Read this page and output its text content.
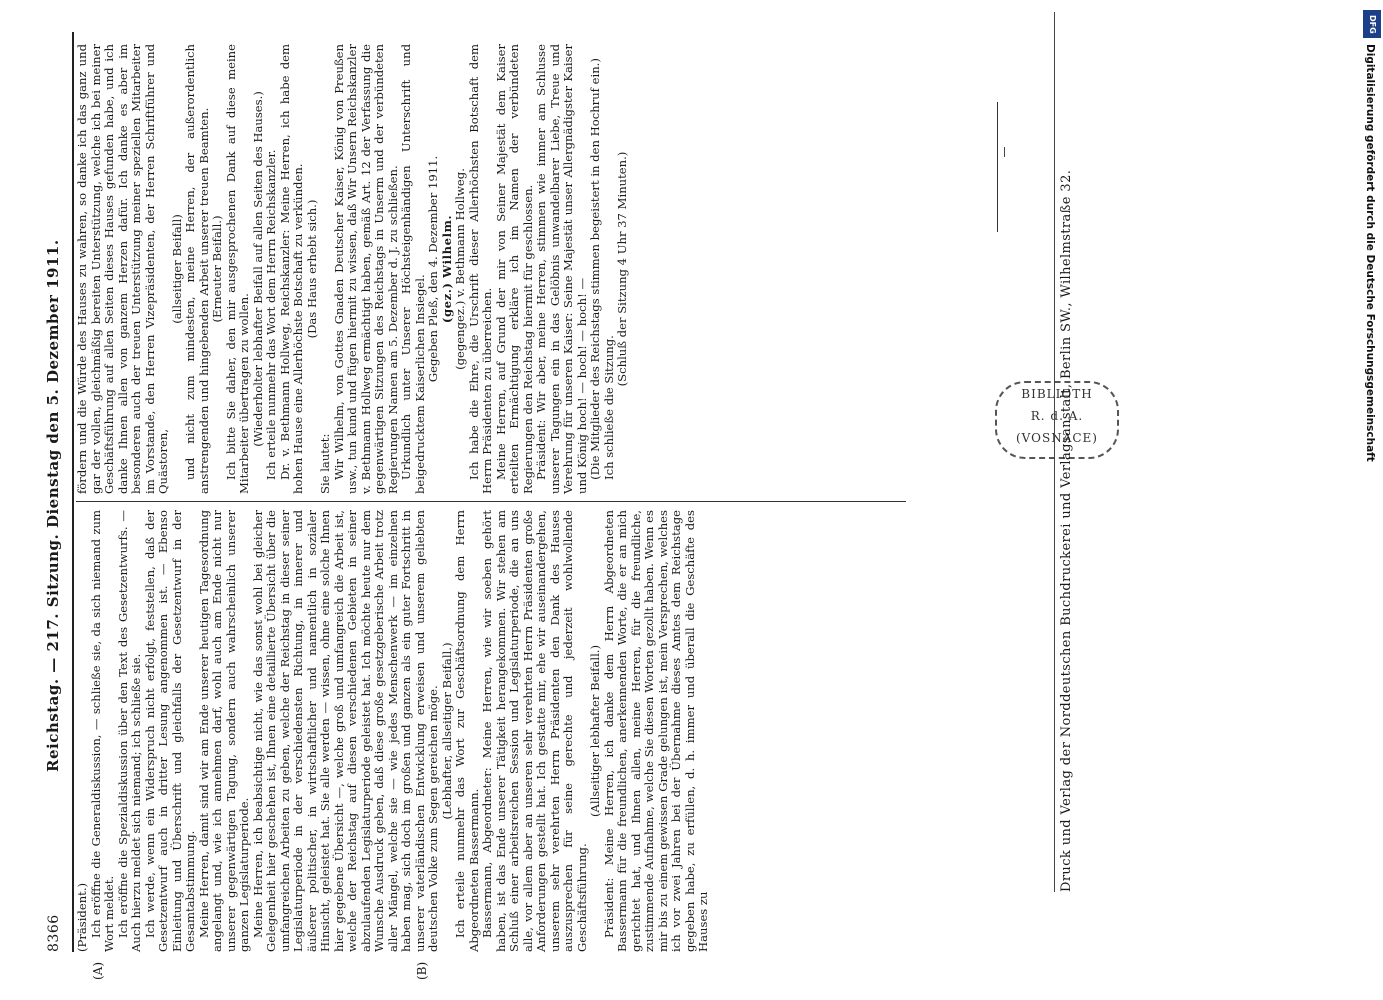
8366
Reichstag. — 217. Sitzung. Dienstag den 5. Dezember 1911.
(A)	(B)

(Präsident.) Ich eröffne die Generaldiskussion, — schließe sie, da sich niemand zum Wort meldet. Ich eröffne die Spezialdiskussion über den Text des Gesetzentwurfs. — Auch hierzu meldet sich niemand; ich schließe sie. Ich werde, wenn ein Widerspruch nicht erfolgt, feststellen, daß der Gesetzentwurf auch in dritter Lesung angenommen ist. — Ebenso Einleitung und Überschrift und gleichfalls der Gesetzentwurf in der Gesamtabstimmung. Meine Herren, damit sind wir am Ende unserer heutigen Tagesordnung angelangt und, wie ich annehmen darf, wohl auch am Ende nicht nur unserer gegenwärtigen Tagung, sondern auch wahrscheinlich unserer ganzen Legislaturperiode. Meine Herren, ich beabsichtige nicht, wie das sonst wohl bei gleicher Gelegenheit hier geschehen ist, Ihnen eine detaillierte Übersicht über die umfangreichen Arbeiten zu geben, welche der Reichstag in dieser seiner Legislaturperiode in der verschiedensten Richtung, in innerer und äußerer politischer, in wirtschaftlicher und namentlich in sozialer Hinsicht, geleistet hat. Sie alle werden — wissen, ohne eine solche Ihnen hier gegebene Übersicht —, welche groß und umfangreich die Arbeit ist, welche der Reichstag auf diesen verschiedenen Gebieten in seiner abzulaufenden Legislaturperiode geleistet hat. Ich möchte heute nur dem Wunsche Ausdruck geben, daß diese große gesetzgeberische Arbeit trotz aller Mängel, welche sie — wie jedes Menschenwerk — im einzelnen haben mag, sich doch im großen und ganzen als ein guter Fortschritt in unserer vaterländischen Entwicklung erweisen und unserem geliebten deutschen Volke zum Segen gereichen möge. (Lebhafter, allseitiger Beifall.) Ich erteile nunmehr das Wort zur Geschäftsordnung dem Herrn Abgeordneten Bassermann. Bassermann, Abgeordneter: Meine Herren, wie wir soeben gehört haben, ist das Ende unserer Tätigkeit herangekommen. Wir stehen am Schluß einer arbeitsreichen Session und Legislaturperiode, die an uns alle, vor allem aber an unseren sehr verehrten Herrn Präsidenten große Anforderungen gestellt hat. Ich gestatte mir, ehe wir auseinandergehen, unserem sehr verehrten Herrn Präsidenten den Dank des Hauses auszusprechen für seine gerechte und jederzeit wohlwollende Geschäftsführung.

(Allseitiger lebhafter Beifall.) Präsident: Meine Herren, ich danke dem Herrn Abgeordneten Bassermann für die freundlichen, anerkennenden Worte, die er an mich gerichtet hat, und Ihnen allen, meine Herren, für die freundliche, zustimmende Aufnahme, welche Sie diesen Worten gezollt haben. Wenn es mir bis zu einem gewissen Grade gelungen ist, mein Versprechen, welches ich vor zwei Jahren bei der Übernahme dieses Amtes dem Reichstage gegeben habe, zu erfüllen, d. h. immer und überall die Geschäfte des Hauses zu

fördern und die Würde des Hauses zu wahren, so danke ich das ganz und gar der vollen, gleichmäßig bereiten Unterstützung, welche ich bei meiner Geschäftsführung auf allen Seiten dieses Hauses gefunden habe, und ich danke Ihnen allen von ganzem Herzen dafür. Ich danke es aber im besonderen auch der treuen Unterstützung meiner speziellen Mitarbeiter im Vorstande, den Herren Vizepräsidenten, der Herren Schriftführer und Quästoren,

(allseitiger Beifall) und nicht zum mindesten, meine Herren, der außerordentlich anstrengenden und hingebenden Arbeit unserer treuen Beamten. (Erneuter Beifall.) Ich bitte Sie daher, den mir ausgesprochenen Dank auf diese meine Mitarbeiter übertragen zu wollen. (Wiederholter lebhafter Beifall auf allen Seiten des Hauses.) Ich erteile nunmehr das Wort dem Herrn Reichskanzler. Dr. v. Bethmann Hollweg, Reichskanzler: Meine Herren, ich habe dem hohen Hause eine Allerhöchste Botschaft zu verkünden. (Das Haus erhebt sich.)

Sie lautet: Wir Wilhelm, von Gottes Gnaden Deutscher Kaiser, König von Preußen usw., tun kund und fügen hiermit zu wissen, daß Wir Unsern Reichskanzler v. Bethmann Hollweg ermächtigt haben, gemäß Art. 12 der Verfassung die gegenwärtigen Sitzungen des Reichstags in Unserm und der verbündeten Regierungen Namen am 5. Dezember d. J. zu schließen. Urkundlich unter Unserer Höchsteigenhändigen Unterschrift und beigedrucktem Kaiserlichen Insiegel.

Gegeben Pleß, den 4. Dezember 1911. (gez.) Wilhelm. (gegengez.) v. Bethmann Hollweg. Ich habe die Ehre, die Urschrift dieser Allerhöchsten Botschaft dem Herrn Präsidenten zu überreichen. Meine Herren, auf Grund der mir von Seiner Majestät dem Kaiser erteilten Ermächtigung erkläre ich im Namen der verbündeten Regierungen den Reichstag hiermit für geschlossen. Präsident: Wir aber, meine Herren, stimmen wie immer am Schlusse unserer Tagungen ein in das Gelöbnis unwandelbarer Liebe, Treue und Verehrung für unseren Kaiser: Seine Majestät unser Allergnädigster Kaiser und König hoch! — hoch! — hoch! — (Die Mitglieder des Reichstags stimmen begeistert in den Hochruf ein.) Ich schließe die Sitzung.

(Schluß der Sitzung 4 Uhr 37 Minuten.)

BIBLIOTH
R. d. A.
(VOSNACE)
Druck und Verlag der Norddeutschen Buchdruckerei und Verlagsanstalt, Berlin SW., Wilhelmstraße 32.
DFG
Digitalisierung gefördert durch die Deutsche Forschungsgemeinschaft
